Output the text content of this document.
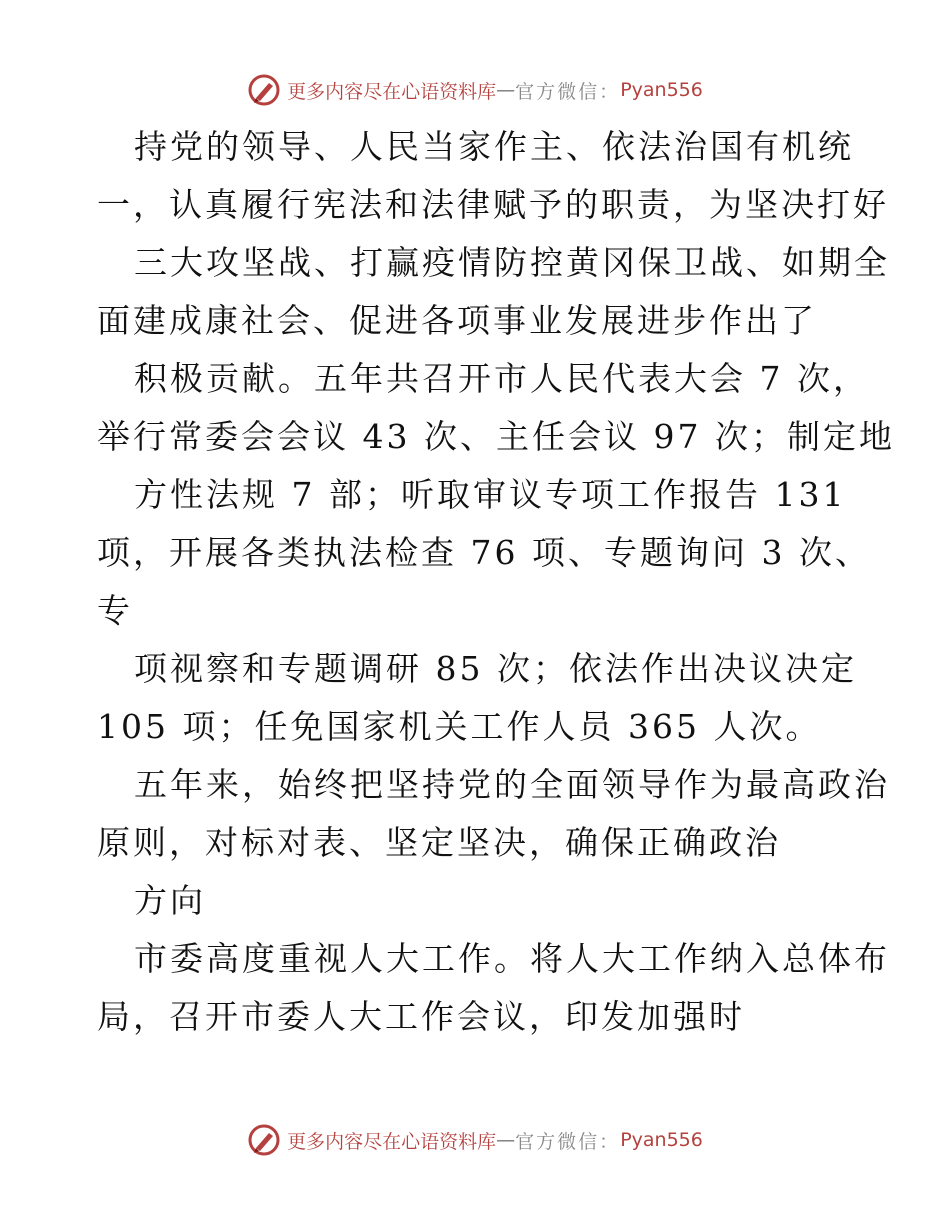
更多内容尽在心语资料库 — 官方微信： Pyan556
持党的领导、人民当家作主、依法治国有机统
一，认真履行宪法和法律赋予的职责，为坚决打好
三大攻坚战、打赢疫情防控黄冈保卫战、如期全
面建成康社会、促进各项事业发展进步作出了
积极贡献。五年共召开市人民代表大会 7 次，
举行常委会会议 43 次、主任会议 97 次；制定地
方性法规 7 部；听取审议专项工作报告 131
项，开展各类执法检查 76 项、专题询问 3 次、
专
项视察和专题调研 85 次；依法作出决议决定
105 项；任免国家机关工作人员 365 人次。
五年来，始终把坚持党的全面领导作为最高政治
原则，对标对表、坚定坚决，确保正确政治
方向
市委高度重视人大工作。将人大工作纳入总体布
局，召开市委人大工作会议，印发加强时
更多内容尽在心语资料库 — 官方微信： Pyan556
